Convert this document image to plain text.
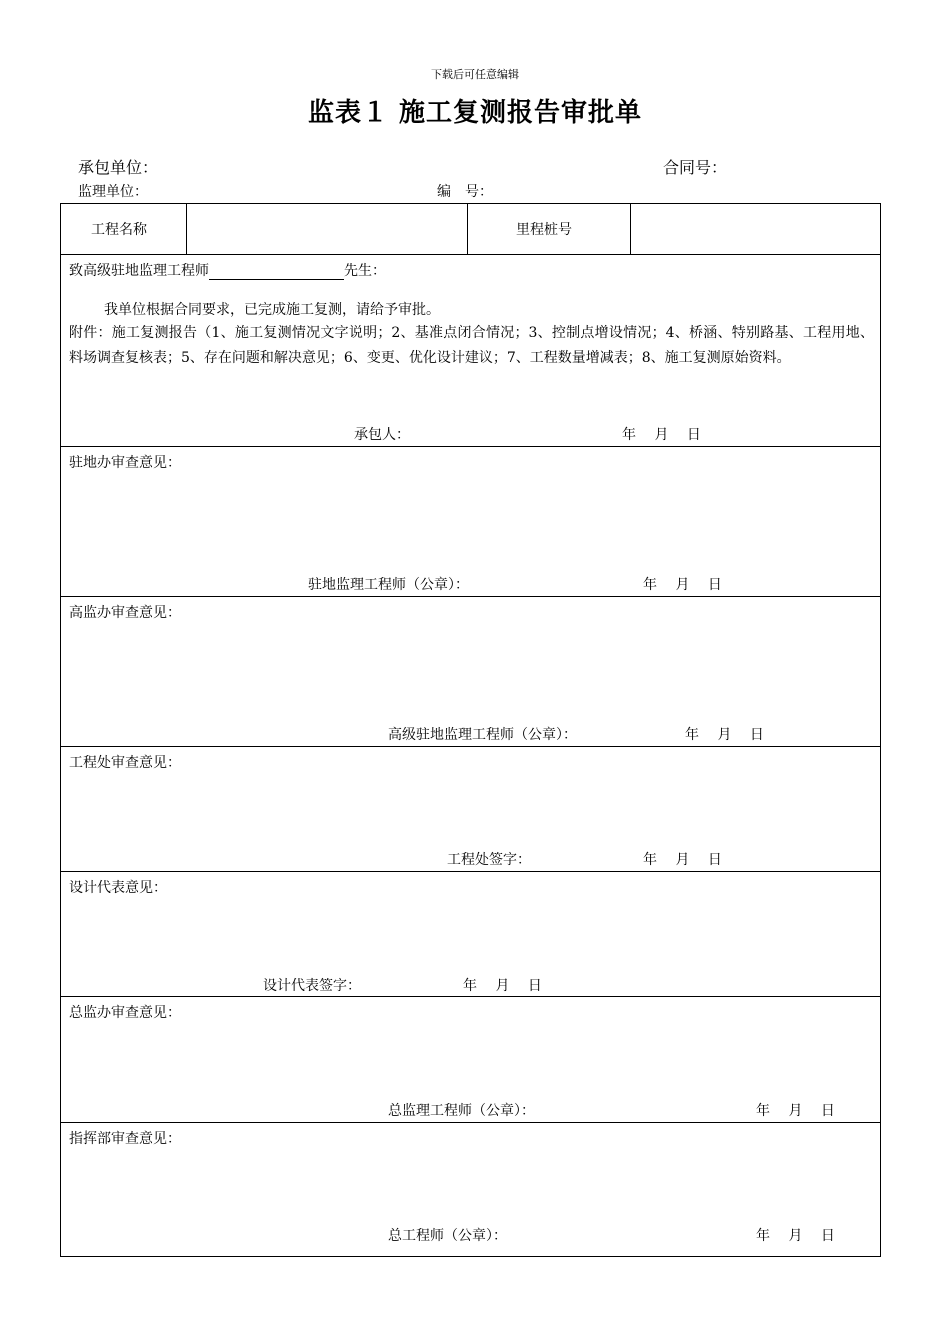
下载后可任意编辑
监表１ 施工复测报告审批单
承包单位：	合同号：
监理单位：	编　号：
工程名称	里程桩号
致高级驻地监理工程师	先生：
我单位根据合同要求，已完成施工复测，请给予审批。
附件：施工复测报告（1、施工复测情况文字说明；2、基准点闭合情况；3、控制点增设情况；4、桥涵、特别路基、工程用地、料场调查复核表；5、存在问题和解决意见；6、变更、优化设计建议；7、工程数量增减表；8、施工复测原始资料。
承包人：	年　 月　 日
驻地办审查意见：
驻地监理工程师（公章）：	年　 月　 日
高监办审查意见：
高级驻地监理工程师（公章）：	年　 月　 日
工程处审查意见：
工程处签字：	年　 月　 日
设计代表意见：
设计代表签字：	年　 月　 日
总监办审查意见：
总监理工程师（公章）：	年　 月　 日
指挥部审查意见：
总工程师（公章）：	年　 月　 日
